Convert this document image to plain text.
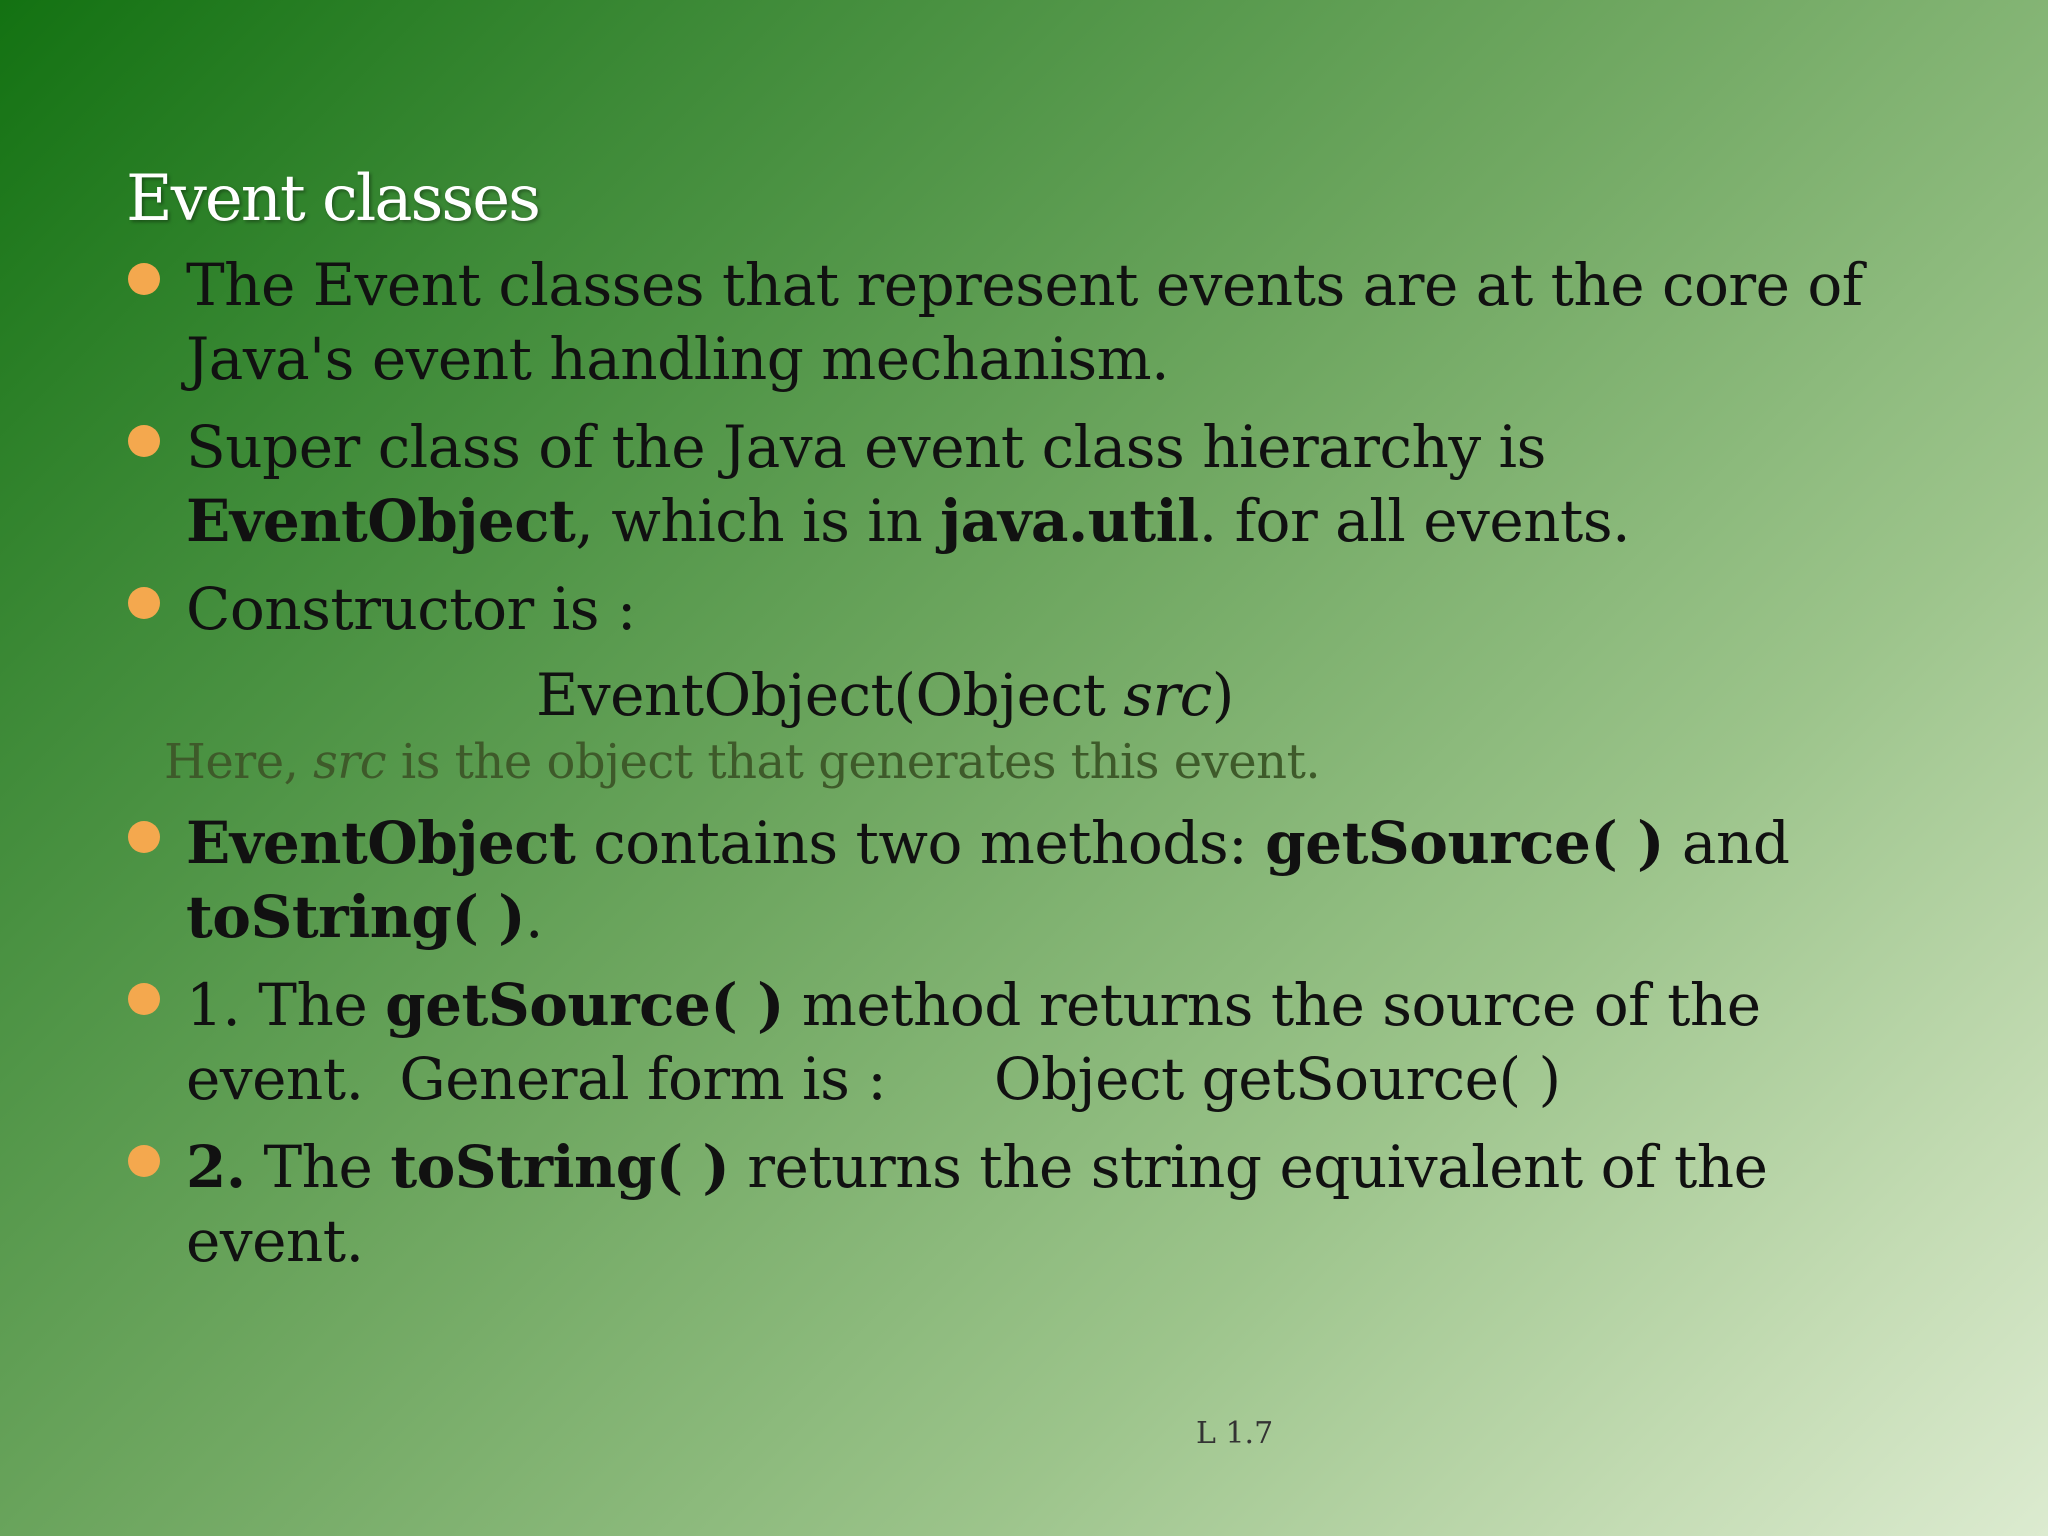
Event classes
The Event classes that represent events are at the core of
Java's event handling mechanism.
Super class of the Java event class hierarchy is
EventObject, which is in java.util. for all events.
Constructor is :
EventObject(Object src)
Here, src is the object that generates this event.
EventObject contains two methods: getSource( ) and
toString( ).
1. The getSource( ) method returns the source of the
event.  General form is :      Object getSource( )
2. The toString( ) returns the string equivalent of the
event.
L 1.7
